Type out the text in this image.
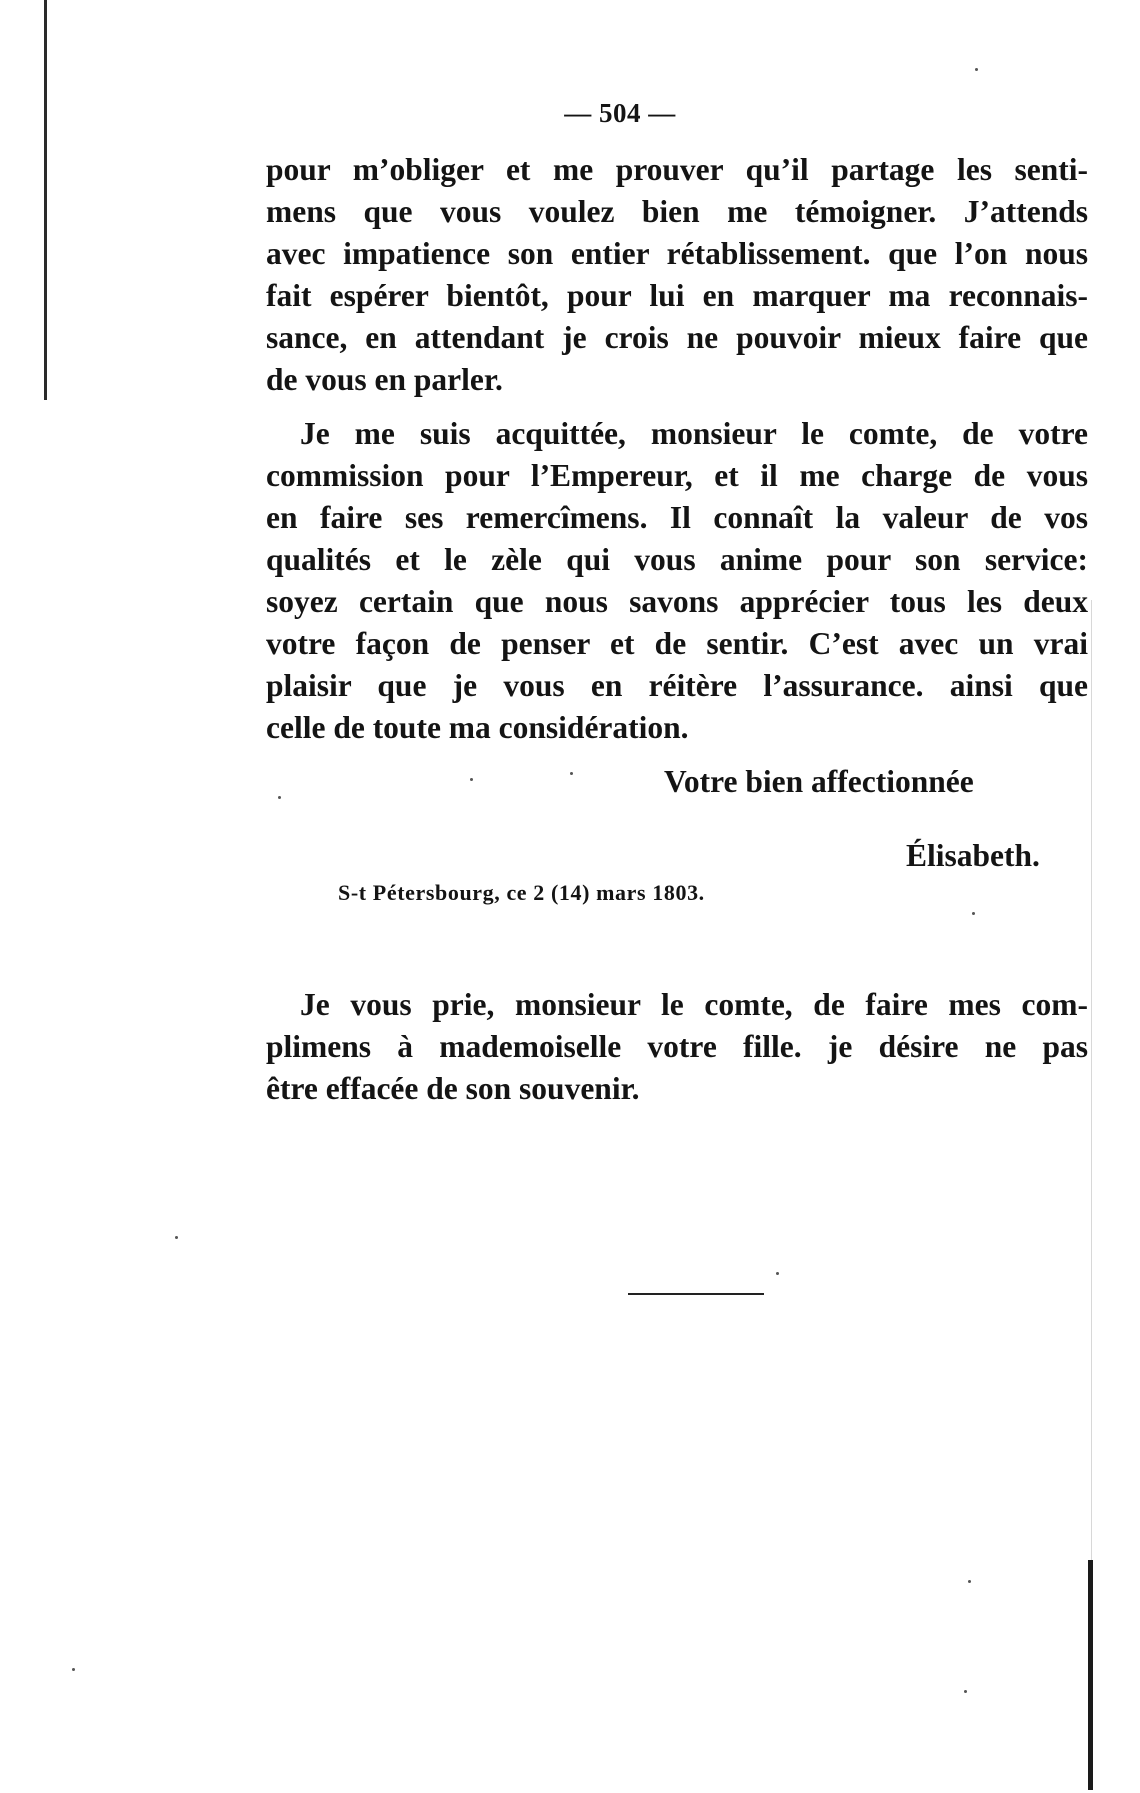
— 504 —
pour m’obliger et me prouver qu’il partage les senti-
mens que vous voulez bien me témoigner. J’attends
avec impatience son entier rétablissement. que l’on nous
fait espérer bientôt, pour lui en marquer ma reconnais-
sance, en attendant je crois ne pouvoir mieux faire que
de vous en parler.
Je me suis acquittée, monsieur le comte, de votre
commission pour l’Empereur, et il me charge de vous
en faire ses remercîmens. Il connaît la valeur de vos
qualités et le zèle qui vous anime pour son service:
soyez certain que nous savons apprécier tous les deux
votre façon de penser et de sentir. C’est avec un vrai
plaisir que je vous en réitère l’assurance. ainsi que
celle de toute ma considération.
Votre bien affectionnée
Élisabeth.
S-t Pétersbourg, ce 2 (14) mars 1803.
Je vous prie, monsieur le comte, de faire mes com-
plimens à mademoiselle votre fille. je désire ne pas
être effacée de son souvenir.
